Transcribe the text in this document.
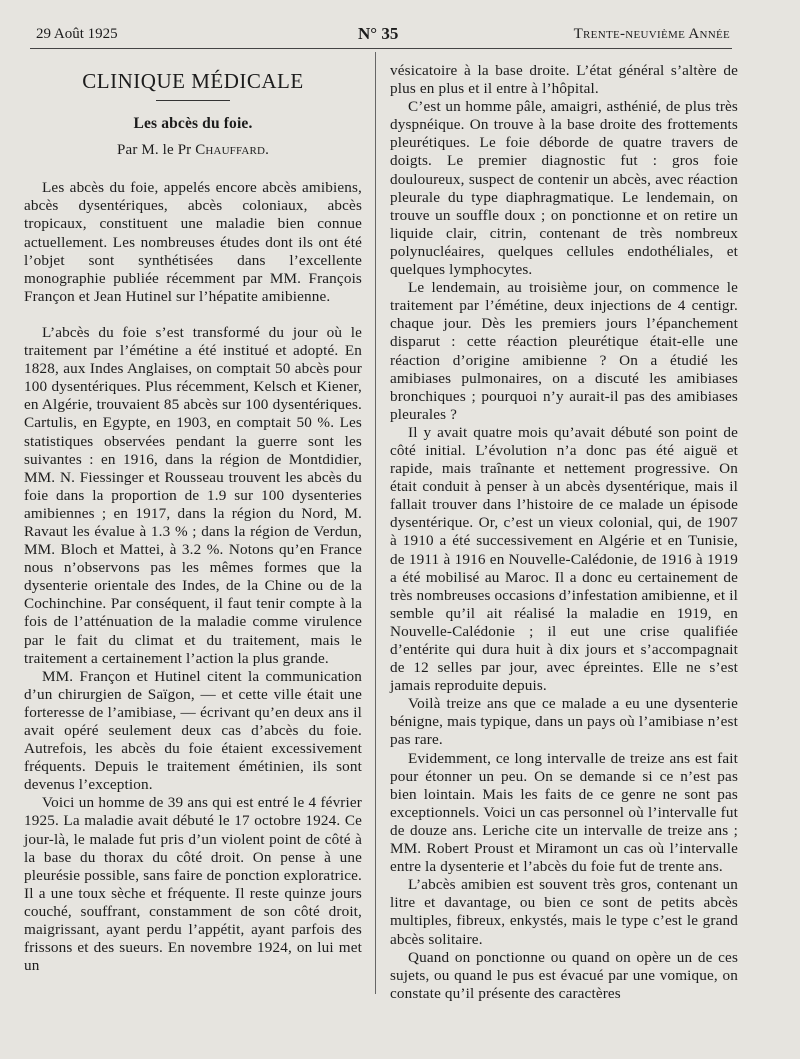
29 Août 1925	N° 35	Trente-neuvième Année
CLINIQUE MÉDICALE
Les abcès du foie.
Par M. le Pr Chauffard.

Les abcès du foie, appelés encore abcès amibiens, abcès dysentériques, abcès coloniaux, abcès tropicaux, constituent une maladie bien connue actuellement. Les nombreuses études dont ils ont été l’objet sont synthétisées dans l’excellente monographie publiée récemment par MM. François Françon et Jean Hutinel sur l’hépatite amibienne.

L’abcès du foie s’est transformé du jour où le traitement par l’émétine a été institué et adopté. En 1828, aux Indes Anglaises, on comptait 50 abcès pour 100 dysentériques. Plus récemment, Kelsch et Kiener, en Algérie, trouvaient 85 abcès sur 100 dysentériques. Cartulis, en Egypte, en 1903, en comptait 50 %. Les statistiques observées pendant la guerre sont les suivantes : en 1916, dans la région de Montdidier, MM. N. Fiessinger et Rousseau trouvent les abcès du foie dans la proportion de 1.9 sur 100 dysenteries amibiennes ; en 1917, dans la région du Nord, M. Ravaut les évalue à 1.3 % ; dans la région de Verdun, MM. Bloch et Mattei, à 3.2 %. Notons qu’en France nous n’observons pas les mêmes formes que la dysenterie orientale des Indes, de la Chine ou de la Cochinchine. Par conséquent, il faut tenir compte à la fois de l’atténuation de la maladie comme virulence par le fait du climat et du traitement, mais le traitement a certainement l’action la plus grande.

MM. Françon et Hutinel citent la communication d’un chirurgien de Saïgon, — et cette ville était une forteresse de l’amibiase, — écrivant qu’en deux ans il avait opéré seulement deux cas d’abcès du foie. Autrefois, les abcès du foie étaient excessivement fréquents. Depuis le traitement émétinien, ils sont devenus l’exception.

Voici un homme de 39 ans qui est entré le 4 février 1925. La maladie avait débuté le 17 octobre 1924. Ce jour-là, le malade fut pris d’un violent point de côté à la base du thorax du côté droit. On pense à une pleurésie possible, sans faire de ponction exploratrice. Il a une toux sèche et fréquente. Il reste quinze jours couché, souffrant, constamment de son côté droit, maigrissant, ayant perdu l’appétit, ayant parfois des frissons et des sueurs. En novembre 1924, on lui met un

vésicatoire à la base droite. L’état général s’altère de plus en plus et il entre à l’hôpital.

C’est un homme pâle, amaigri, asthénié, de plus très dyspnéique. On trouve à la base droite des frottements pleurétiques. Le foie déborde de quatre travers de doigts. Le premier diagnostic fut : gros foie douloureux, suspect de contenir un abcès, avec réaction pleurale du type diaphragmatique. Le lendemain, on trouve un souffle doux ; on ponctionne et on retire un liquide clair, citrin, contenant de très nombreux polynucléaires, quelques cellules endothéliales, et quelques lymphocytes.

Le lendemain, au troisième jour, on commence le traitement par l’émétine, deux injections de 4 centigr. chaque jour. Dès les premiers jours l’épanchement disparut : cette réaction pleurétique était-elle une réaction d’origine amibienne ? On a étudié les amibiases pulmonaires, on a discuté les amibiases bronchiques ; pourquoi n’y aurait-il pas des amibiases pleurales ?

Il y avait quatre mois qu’avait débuté son point de côté initial. L’évolution n’a donc pas été aiguë et rapide, mais traînante et nettement progressive. On était conduit à penser à un abcès dysentérique, mais il fallait trouver dans l’histoire de ce malade un épisode dysentérique. Or, c’est un vieux colonial, qui, de 1907 à 1910 a été successivement en Algérie et en Tunisie, de 1911 à 1916 en Nouvelle-Calédonie, de 1916 à 1919 a été mobilisé au Maroc. Il a donc eu certainement de très nombreuses occasions d’infestation amibienne, et il semble qu’il ait réalisé la maladie en 1919, en Nouvelle-Calédonie ; il eut une crise qualifiée d’entérite qui dura huit à dix jours et s’accompagnait de 12 selles par jour, avec épreintes. Elle ne s’est jamais reproduite depuis.

Voilà treize ans que ce malade a eu une dysenterie bénigne, mais typique, dans un pays où l’amibiase n’est pas rare.

Evidemment, ce long intervalle de treize ans est fait pour étonner un peu. On se demande si ce n’est pas bien lointain. Mais les faits de ce genre ne sont pas exceptionnels. Voici un cas personnel où l’intervalle fut de douze ans. Leriche cite un intervalle de treize ans ; MM. Robert Proust et Miramont un cas où l’intervalle entre la dysenterie et l’abcès du foie fut de trente ans.

L’abcès amibien est souvent très gros, contenant un litre et davantage, ou bien ce sont de petits abcès multiples, fibreux, enkystés, mais le type c’est le grand abcès solitaire.

Quand on ponctionne ou quand on opère un de ces sujets, ou quand le pus est évacué par une vomique, on constate qu’il présente des caractères
